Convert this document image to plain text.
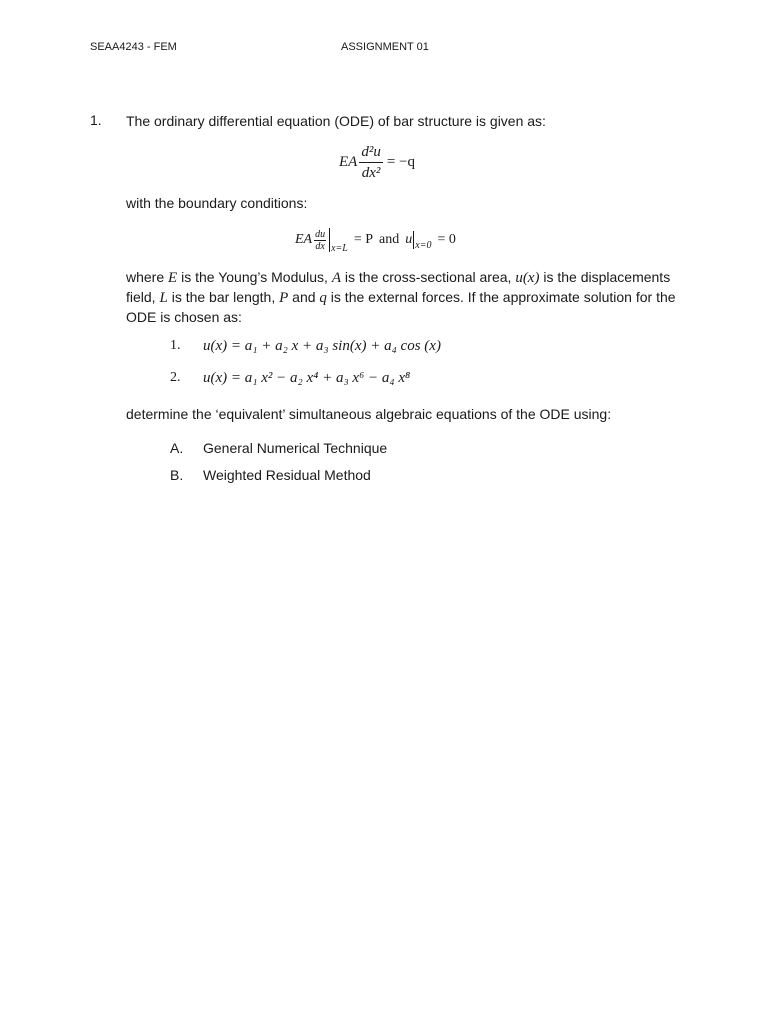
SEAA4243 - FEM	ASSIGNMENT 01
1. The ordinary differential equation (ODE) of bar structure is given as:
EA $\frac{\text{d²u}}{\text{dx²}} = -q$
with the boundary conditions:
EA $\frac{du}{dx} x=L$
= P and u x=0 = 0
where E is the Young’s Modulus, A is the cross-sectional area, u(x) is the displacements field, L is the bar length, P and q is the external forces. If the approximate solution for the ODE is chosen as:
1. u(x) = a₁ + a₂ x + a₃ sin(x) + a₄ cos (x)
2. u(x) = a₁ x² − a₂ x⁴ + a₃ x⁶ − a₄ x⁸
determine the ‘equivalent’ simultaneous algebraic equations of the ODE using:
A. General Numerical Technique
B. Weighted Residual Method
